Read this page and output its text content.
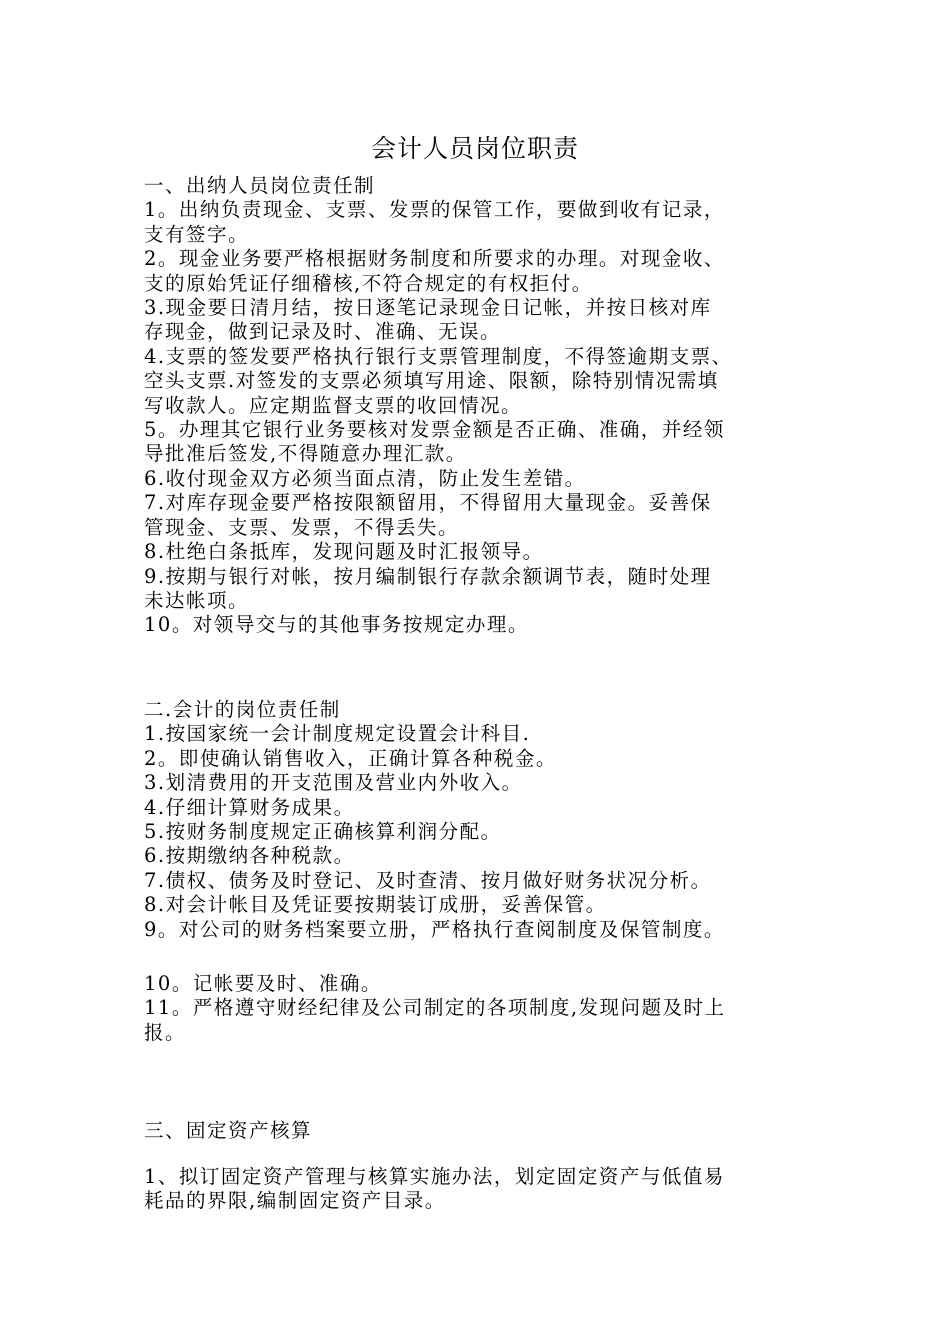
会计人员岗位职责
一、出纳人员岗位责任制
1。出纳负责现金、支票、发票的保管工作，要做到收有记录，
支有签字。
2。现金业务要严格根据财务制度和所要求的办理。对现金收、
支的原始凭证仔细稽核,不符合规定的有权拒付。
3.现金要日清月结，按日逐笔记录现金日记帐，并按日核对库
存现金，做到记录及时、准确、无误。
4.支票的签发要严格执行银行支票管理制度，不得签逾期支票、
空头支票.对签发的支票必须填写用途、限额，除特别情况需填
写收款人。应定期监督支票的收回情况。
5。办理其它银行业务要核对发票金额是否正确、准确，并经领
导批准后签发,不得随意办理汇款。
6.收付现金双方必须当面点清，防止发生差错。
7.对库存现金要严格按限额留用，不得留用大量现金。妥善保
管现金、支票、发票，不得丢失。
8.杜绝白条抵库，发现问题及时汇报领导。
9.按期与银行对帐，按月编制银行存款余额调节表，随时处理
未达帐项。
10。对领导交与的其他事务按规定办理。
二.会计的岗位责任制
1.按国家统一会计制度规定设置会计科目.
2。即使确认销售收入，正确计算各种税金。
3.划清费用的开支范围及营业内外收入。
4.仔细计算财务成果。
5.按财务制度规定正确核算利润分配。
6.按期缴纳各种税款。
7.债权、债务及时登记、及时查清、按月做好财务状况分析。
8.对会计帐目及凭证要按期装订成册，妥善保管。
9。对公司的财务档案要立册，严格执行查阅制度及保管制度。
10。记帐要及时、准确。
11。严格遵守财经纪律及公司制定的各项制度,发现问题及时上
报。
三、固定资产核算
1、拟订固定资产管理与核算实施办法，划定固定资产与低值易
耗品的界限,编制固定资产目录。
